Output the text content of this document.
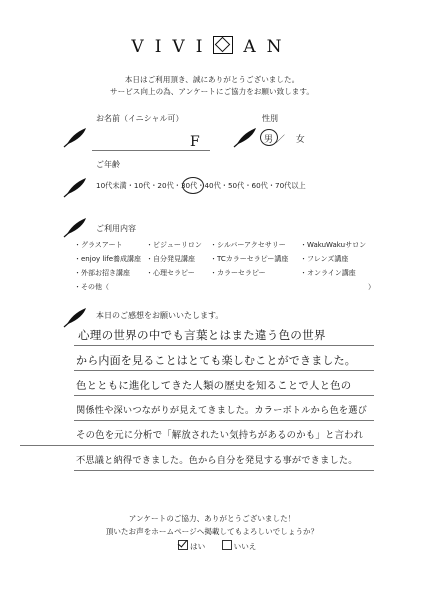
VIVI AN
本日はご利用頂き、誠にありがとうございました。
サービス向上の為、アンケートにご協力をお願い致します。
お名前（イニシャル可）
F
性別
男 ／ 女
ご年齢
10代未満・10代・20代・30代・40代・50代・60代・70代以上
ご利用内容
・グラスアート	・ビジューリロン ・シルバーアクセサリー ・WakuWakuサロン
・enjoy life養成講座 ・自分発見講座 ・TCカラーセラピー講座 ・フレンズ講座
・外部お招き講座 ・心理セラピー ・カラーセラピー	・オンライン講座
・その他（	）
本日のご感想をお願いいたします。
心理の世界の中でも言葉とはまた違う色の世界
から内面を見ることはとても楽しむことができました。
色とともに進化してきた人類の歴史を知ることで人と色の
関係性や深いつながりが見えてきました。カラーボトルから色を選び
その色を元に分析で「解放されたい気持ちがあるのかも」と言われ
不思議と納得できました。色から自分を発見する事ができました。
アンケートのご協力、ありがとうございました！
頂いたお声をホームページへ掲載してもよろしいでしょうか？
はい	いいえ
